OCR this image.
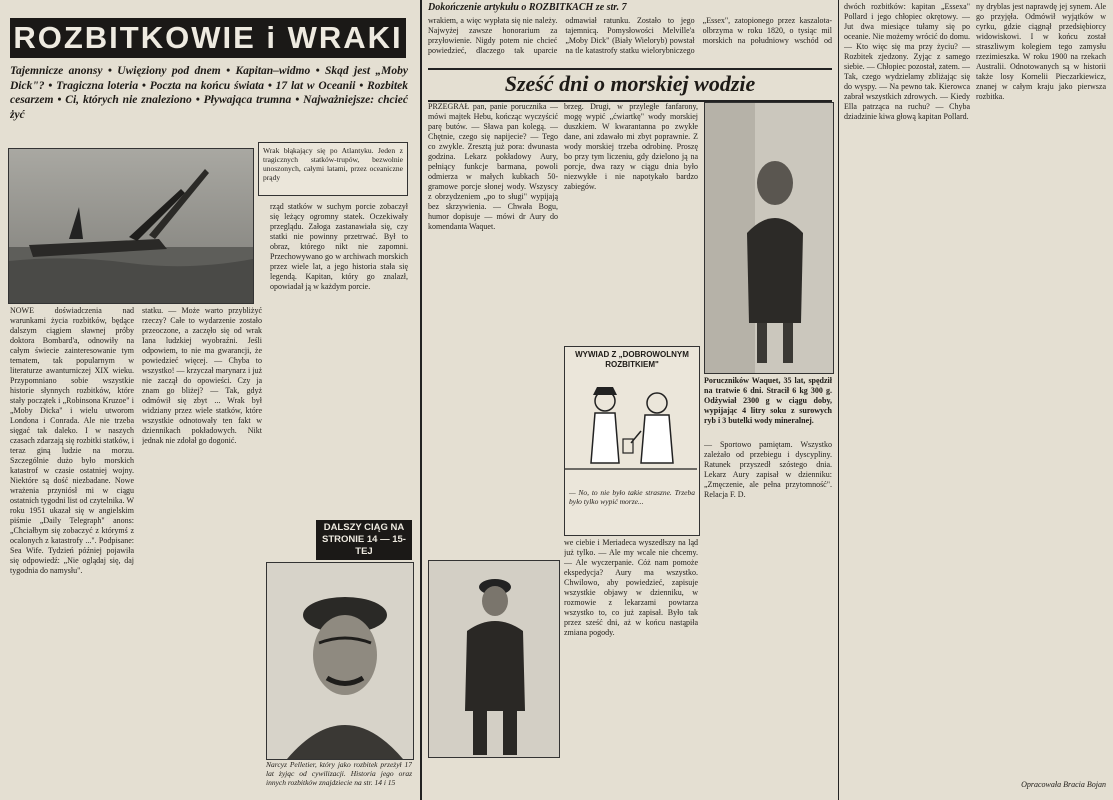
ROZBITKOWIE i WRAKI
Tajemnicze anonsy • Uwięziony pod dnem • Kapitan–widmo • Skąd jest „Moby Dick"? • Tragiczna loteria • Poczta na końcu świata • 17 lat w Oceanii • Rozbitek cesarzem • Ci, których nie znaleziono • Pływająca trumna • Najważniejsze: chcieć żyć

Wrak błąkający się po Atlantyku. Jeden z tragicznych statków-trupów, bezwolnie unoszonych, całymi latami, przez oceaniczne prądy

NOWE doświadczenia nad warunkami życia rozbitków, będące dalszym ciągiem sławnej próby doktora Bombard'a, odnowiły na całym świecie zainteresowanie tym tematem, tak popularnym w literaturze awanturniczej XIX wieku. Przypomniano sobie wszystkie historie słynnych rozbitków, które stały początek i „Robinsona Kruzoe" i „Moby Dicka" i wielu utworom Londona i Conrada. Ale nie trzeba sięgać tak daleko. I w naszych czasach zdarzają się rozbitki statków, i teraz giną ludzie na morzu. Szczególnie dużo było morskich katastrof w czasie ostatniej wojny. Niektóre są dość niezbadane. Nowe wrażenia przyniósł mi w ciągu ostatnich tygodni list od czytelnika. W roku 1951 ukazał się w angielskim piśmie „Daily Telegraph" anons: „Chciałbym się zobaczyć z którymś z ocalonych z katastrofy ...". Podpisane: Sea Wife. Tydzień później pojawiła się odpowiedź: „Nie oglądaj się, daj tygodnia do namysłu".

statku. — Może warto przybliżyć rzeczy? Całe to wydarzenie zostało przeoczone, a zaczęło się od wrak Iana ludzkiej wyobraźni. Jeśli odpowiem, to nie ma gwarancji, że powiedzieć więcej. — Chyba to wszystko! — krzyczał marynarz i już nie zaczął do opowieści. Czy ja znam go bliżej? — Tak, gdyż odmówił się zbyt ... Wrak był widziany przez wiele statków, które wszystkie odnotowały ten fakt w dziennikach pokładowych. Nikt jednak nie zdołał go dogonić.

rząd statków w suchym porcie zobaczył się leżący ogromny statek. Oczekiwały przeglądu. Załoga zastanawiała się, czy statki nie powinny przetrwać. Był to obraz, którego nikt nie zapomni. Przechowywano go w archiwach morskich przez wiele lat, a jego historia stała się legendą. Kapitan, który go znalazł, opowiadał ją w każdym porcie.

DALSZY CIĄG NA STRONIE 14 — 15-TEJ

Narcyz Pelletier, który jako rozbitek przeżył 17 lat żyjąc od cywilizacji. Historia jego oraz innych rozbitków znajdziecie na str. 14 i 15

Dokończenie artykułu o ROZBITKACH ze str. 7

wrakiem, a więc wypłata się nie należy. Najwyżej zawsze honorarium za przyłowienie. Nigdy potem nie chcieć powiedzieć, dlaczego tak uparcie odmawiał ratunku. Zostało to jego tajemnicą. Pomysłowości Melville'a „Moby Dick" (Biały Wieloryb) powstał na tle katastrofy statku wielorybniczego „Essex", zatopionego przez kaszalota-olbrzyma w roku 1820, o tysiąc mil morskich na południowy wschód od

Sześć dni o morskiej wodzie

PRZEGRAŁ pan, panie porucznika — mówi majtek Hebu, kończąc wyczyścić parę butów. — Sława pan kolegą. — Chętnie, czego się napijecie? — Tego co zwykle. Zresztą już pora: dwunasta godzina. Lekarz pokładowy Aury, pełniący funkcje barmana, powoli odmierza w małych kubkach 50-gramowe porcje słonej wody. Wszyscy z obrzydzeniem „po to sługi" wypijają bez skrzywienia. — Chwała Bogu, humor dopisuje — mówi dr Aury do komendanta Waquet.

brzeg. Drugi, w przyległe fanfarony, mogę wypić „ćwiartkę" wody morskiej duszkiem. W kwarantanna po zwykłe dane, ani zdawało mi zbyt poprawnie. Z wody morskiej trzeba odrobinę. Proszę bo przy tym liczeniu, gdy dzielono ją na porcje, dwa razy w ciągu dnia było niezwykłe i nie napotykało bardzo zabiegów.

Poruczników Waquet, 35 lat, spędził na tratwie 6 dni. Stracił 6 kg 300 g. Odżywiał 2300 g w ciągu doby, wypijając 4 litry soku z surowych ryb i 3 butelki wody mineralnej.

WYWIAD Z „DOBROWOLNYM ROZBITKIEM"

— No, to nie było takie straszne. Trzeba było tylko wypić morze...

we ciebie i Meriadeca wyszedłszy na ląd już tylko. — Ale my wcale nie chcemy. — Ale wyczerpanie. Cóż nam pomoże ekspedycja? Aury ma wszystko. Chwilowo, aby powiedzieć, zapisuje wszystkie objawy w dzienniku, w rozmowie z lekarzami powtarza wszystko to, co już zapisał. Było tak przez sześć dni, aż w końcu nastąpiła zmiana pogody.

— Sportowo pamiętam. Wszystko zależało od przebiegu i dyscypliny. Ratunek przyszedł szóstego dnia. Lekarz Aury zapisał w dzienniku: „Zmęczenie, ale pełna przytomność". Relacja F. D.

dwóch rozbitków: kapitan „Essexa" Pollard i jego chłopiec okrętowy. — Jut dwa miesiące tułamy się po oceanie. Nie możemy wrócić do domu. — Kto więc się ma przy życiu? — Rozbitek zjedzony. Zyjąc z samego siebie. — Chłopiec pozostał, zatem. — Tak, czego wydzielamy zbliżając się do wyspy. — Na pewno tak. Kierowca zabrał wszystkich zdrowych. — Kiedy Ella patrząca na ruchu? — Chyba dziadzinie kiwa głową kapitan Pollard.

ny dryblas jest naprawdę jej synem. Ale go przyjęła. Odmówił wyjątków w cyrku, gdzie ciągnął przedsiębiorcy widowiskowi. I w końcu został straszliwym kolegiem tego zamysłu rzezimieszka. W roku 1900 na rzekach Australii. Odnotowanych są w historii także losy Kornelii Pieczarkiewicz, znanej w całym kraju jako pierwsza rozbitka.

Opracowała Bracia Bojan
